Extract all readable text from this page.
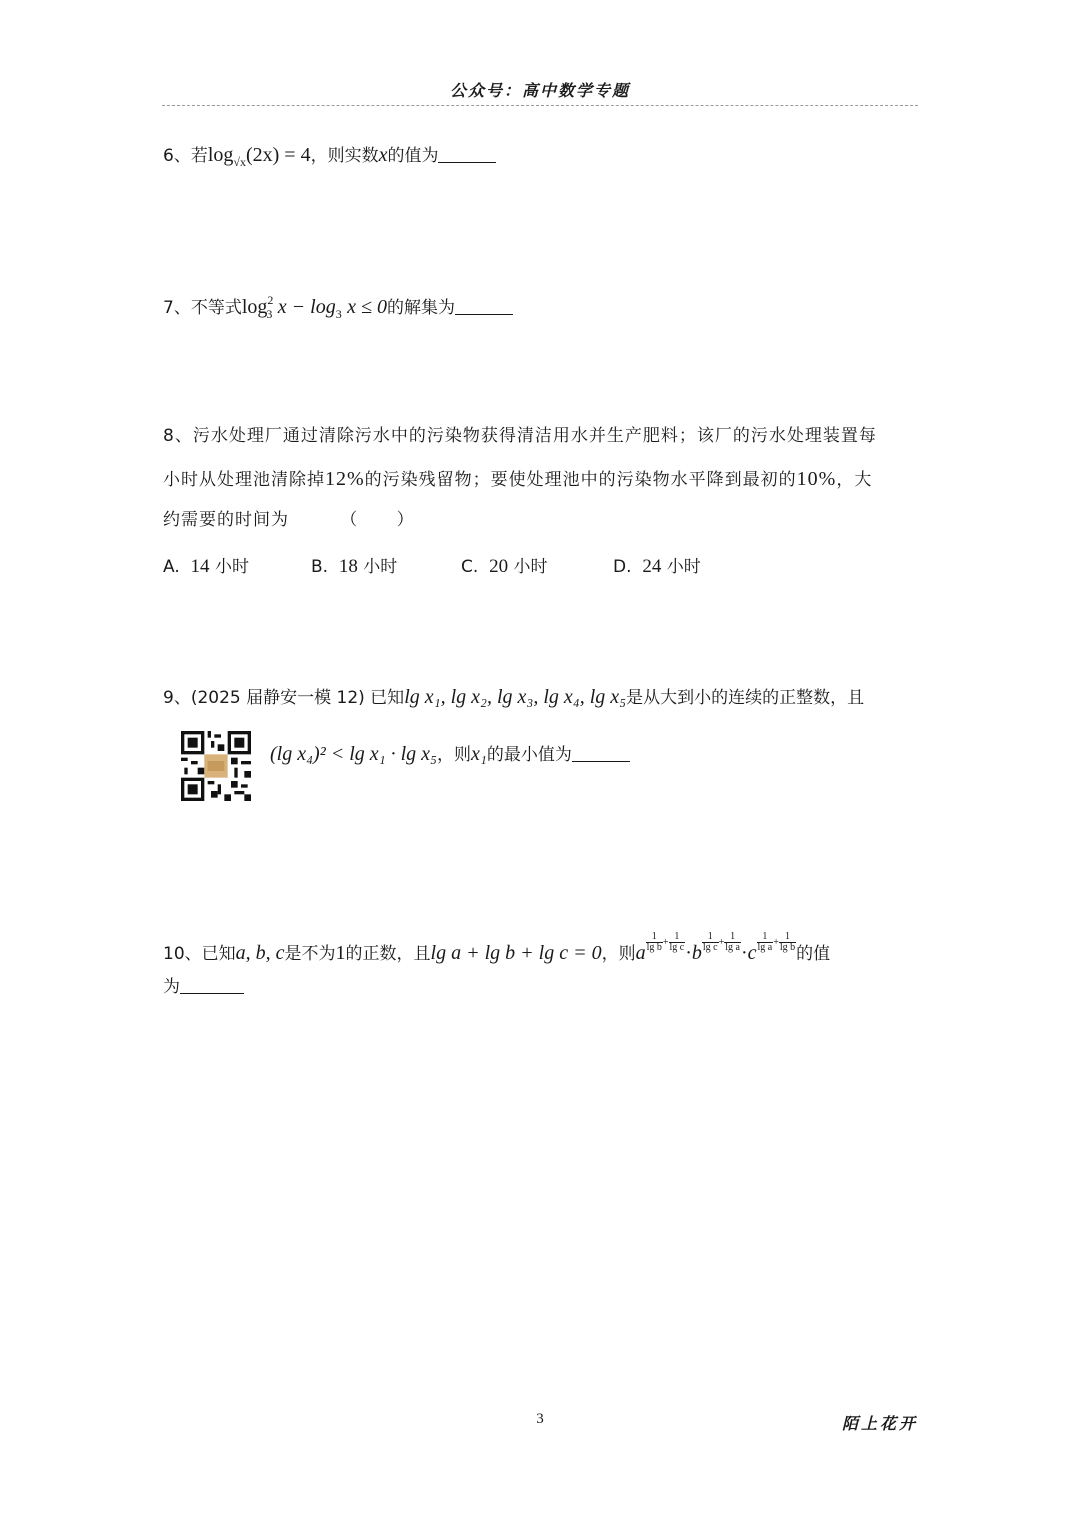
公众号：高中数学专题
6、若$\log_{√x}(2x) = 4$，则实数x的值为
7、不等式$\log^2_3 x - \log_3 x \le 0$的解集为
8、污水处理厂通过清除污水中的污染物获得清洁用水并生产肥料；该厂的污水处理装置每
小时从处理池清除掉12%的污染残留物；要使处理池中的污染物水平降到最初的10%，大
约需要的时间为        （      ）
A. 14 小时	B. 18 小时	C. 20 小时	D. 24 小时
9、(2025 届静安一模 12) 已知lg x₁, lg x₂, lg x₃, lg x₄, lg x₅是从大到小的连续的正整数，且
(lg x₄)² < lg x₁ · lg x₅，则x₁的最小值为
10、已知a, b, c是不为1的正数，且lg a + lg b + lg c = 0，则a $\frac{1}{\text{lg b}} + \frac{1}{\text{lg c}} \cdot b \frac{1}{\text{lg c}} + \frac{1}{\text{lg a}} \cdot c \frac{1}{\text{lg a}} + \frac{1}{\text{lg b}}$
的值
为
3	陌上花开
